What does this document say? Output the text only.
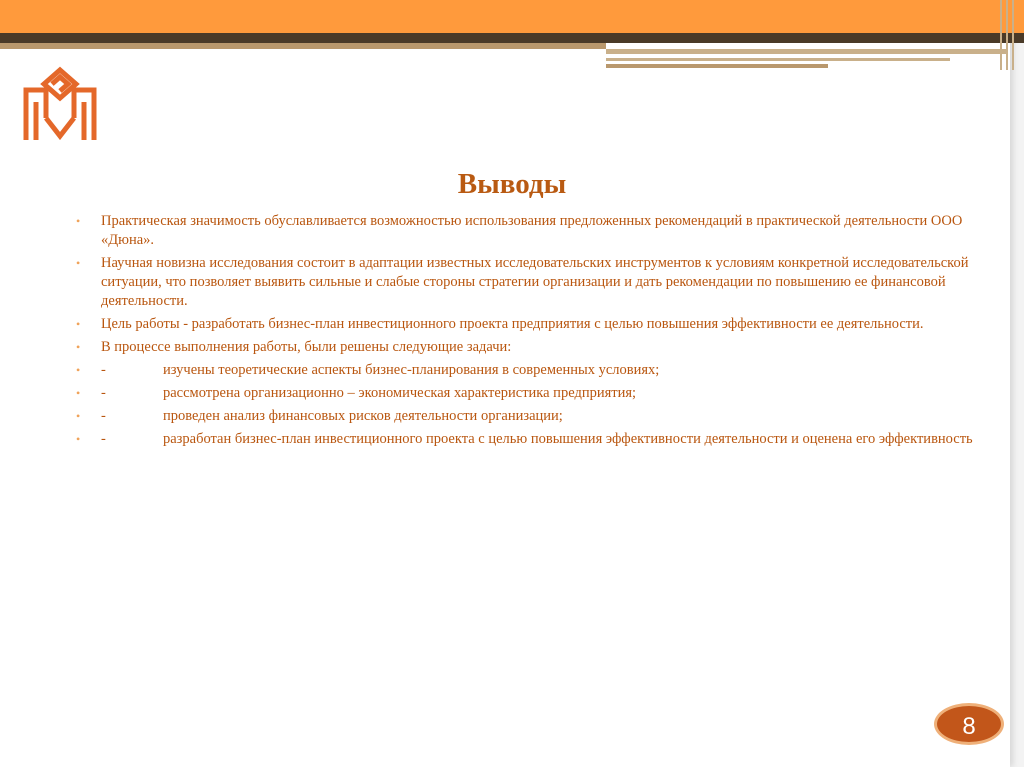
Выводы
• Практическая значимость обуславливается возможностью использования предложенных рекомендаций в практической деятельности ООО «Дюна».
• Научная новизна исследования состоит в адаптации известных исследовательских инструментов к условиям конкретной исследовательской ситуации, что позволяет выявить сильные и слабые стороны стратегии организации и дать рекомендации по повышению ее финансовой деятельности.
• Цель работы - разработать бизнес-план инвестиционного проекта предприятия с целью повышения эффективности ее деятельности.
• В процессе выполнения работы, были решены следующие задачи:
• -	изучены теоретические аспекты бизнес-планирования в современных условиях;
• -	рассмотрена организационно – экономическая характеристика предприятия;
• -	проведен анализ финансовых рисков деятельности организации;
• -	разработан бизнес-план инвестиционного проекта с целью повышения эффективности деятельности и оценена его эффективность
8
